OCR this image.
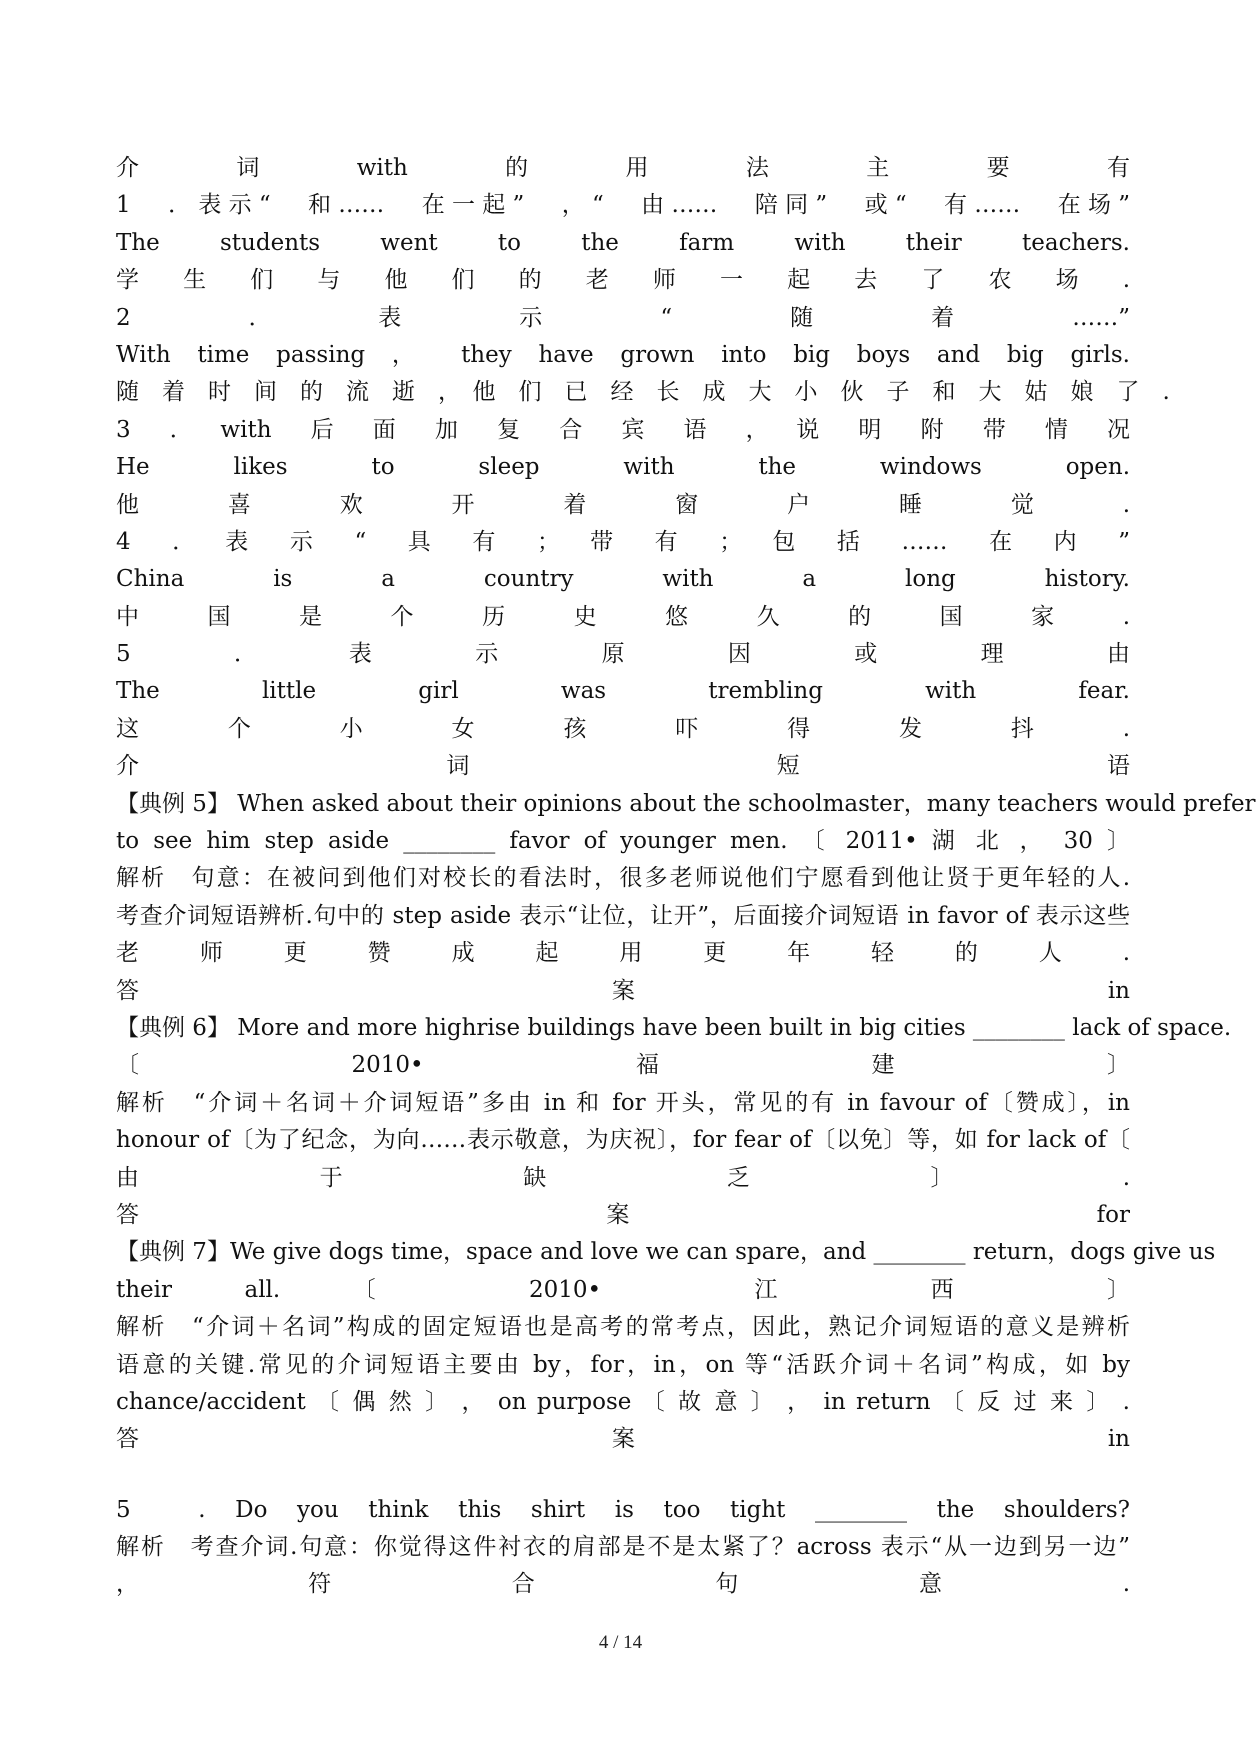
介　词　with　的　用　法　主　要　有
1　．表示“　和……　在一起”　，“　由……　陪同”　或“　有……　在场”
The students went to the farm with their teachers.
学　生　们　与　他　们　的　老　师　一　起　去　了　农　场　.
2　．　表　示　“　随　着　……”
With time passing ， they have grown into big boys and big girls.
随　着　时　间　的　流　逝　，　他　们　已　经　长　成　大　小　伙　子　和　大　姑　娘　了　.
3　．　with　后　面　加　复　合　宾　语　，　说　明　附　带　情　况
He likes to sleep with the windows open.
他　喜　欢　开　着　窗　户　睡　觉　.
4　．　表　示　“　具　有　；　带　有　；　包　括　……　在　内　”
China is a country with a long history.
中　国　是　个　历　史　悠　久　的　国　家　.
5　．　表　示　原　因　或　理　由
The little girl was trembling with fear.
这　个　小　女　孩　吓　得　发　抖　.
介　词　短　语
【典例 5】 When asked about their opinions about the schoolmaster，many teachers would prefer
to see him step aside ________ favor of younger men. 〔 2011• 湖 北 ， 30 〕
解析　句意：在被问到他们对校长的看法时，很多老师说他们宁愿看到他让贤于更年轻的人.
考查介词短语辨析.句中的 step aside 表示“让位，让开”，后面接介词短语 in favor of 表示这些
老　师　更　赞　成　起　用　更　年　轻　的　人　.
答　案　in
【典例 6】 More and more highrise buildings have been built in big cities ________ lack of space.
〔　2010•　福　建　〕
解析　“介词＋名词＋介词短语”多由 in 和 for 开头，常见的有 in favour of〔赞成〕，in
honour of〔为了纪念，为向……表示敬意，为庆祝〕，for fear of〔以免〕等，如 for lack of〔
由　于　缺　乏　〕　.
答　案　for
【典例 7】We give dogs time，space and love we can spare，and ________ return，dogs give us
their all. 〔　2010•　江　西　〕
解析　“介词＋名词”构成的固定短语也是高考的常考点，因此，熟记介词短语的意义是辨析
语意的关键.常见的介词短语主要由 by，for，in，on 等“活跃介词＋名词”构成，如 by
chance/accident 〔 偶 然 〕 ， on purpose 〔 故 意 〕 ， in return 〔 反 过 来 〕 .
答　案　in
5　. Do you think this shirt is too tight ________ the shoulders?
解析　考查介词.句意：你觉得这件衬衣的肩部是不是太紧了？across 表示“从一边到另一边”
，　符　合　句　意　.
4 / 14
